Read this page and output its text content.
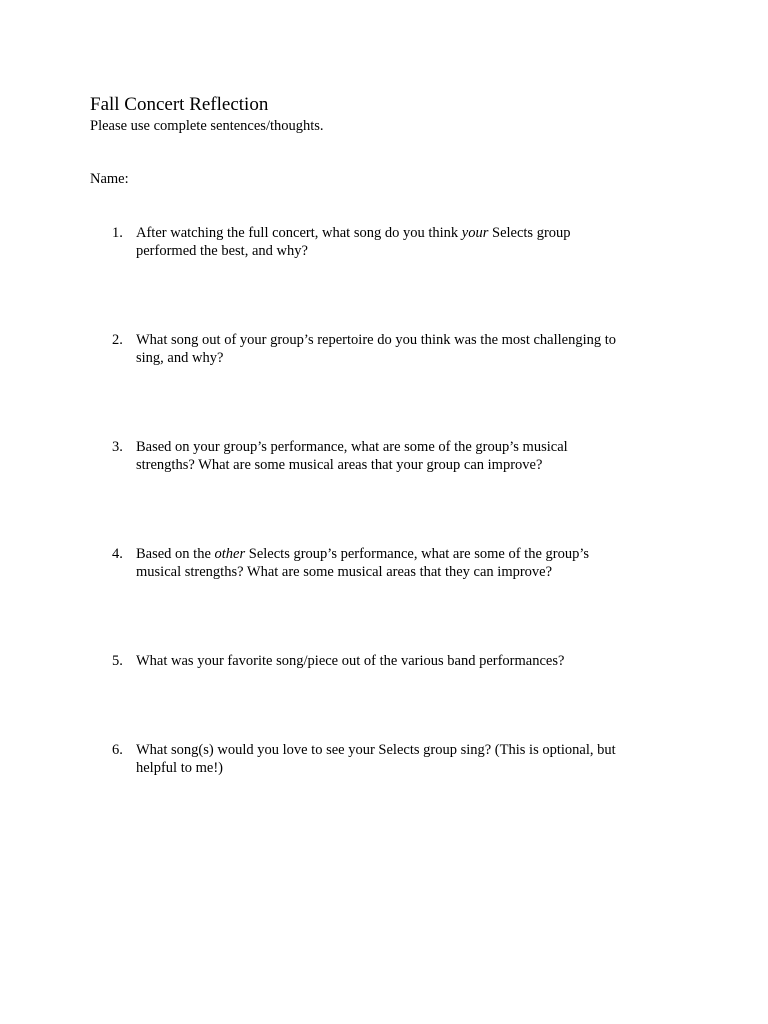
Fall Concert Reflection
Please use complete sentences/thoughts.
Name:
1. After watching the full concert, what song do you think your Selects group performed the best, and why?
2. What song out of your group’s repertoire do you think was the most challenging to sing, and why?
3. Based on your group’s performance, what are some of the group’s musical strengths? What are some musical areas that your group can improve?
4. Based on the other Selects group’s performance, what are some of the group’s musical strengths? What are some musical areas that they can improve?
5. What was your favorite song/piece out of the various band performances?
6. What song(s) would you love to see your Selects group sing? (This is optional, but helpful to me!)
